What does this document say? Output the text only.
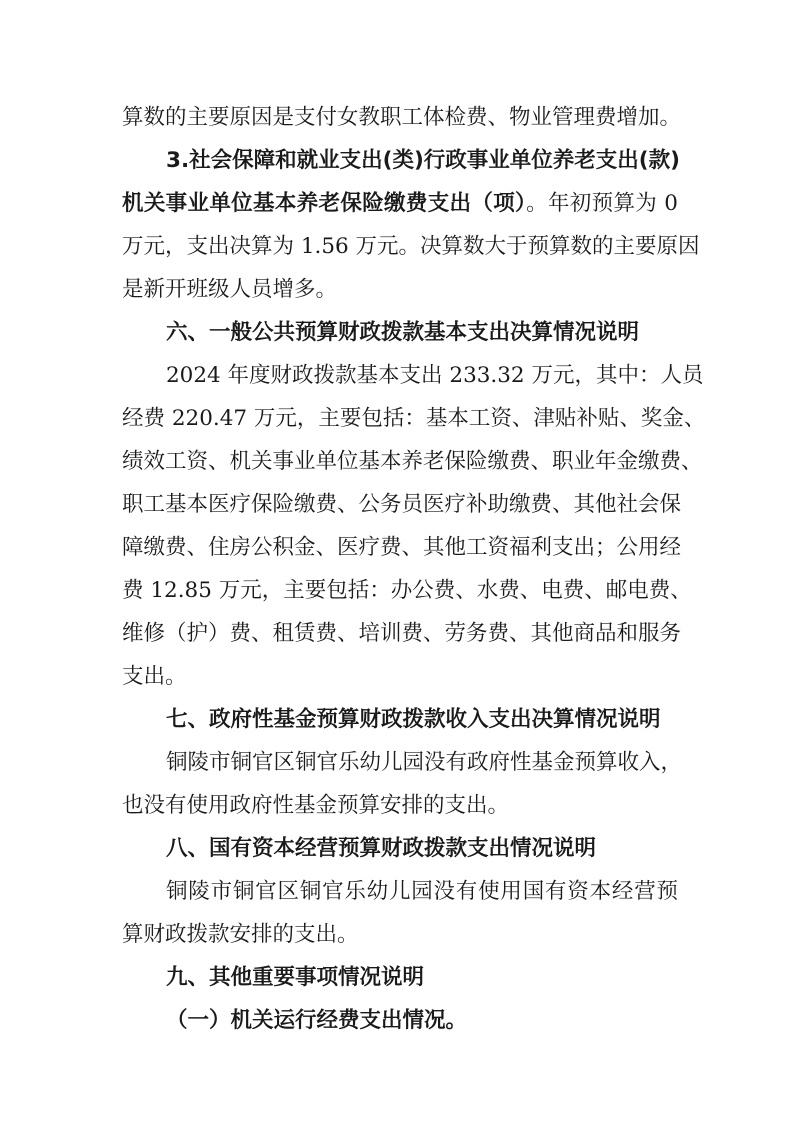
算数的主要原因是支付女教职工体检费、物业管理费增加。
3.社会保障和就业支出(类)行政事业单位养老支出(款)
机关事业单位基本养老保险缴费支出（项）。年初预算为 0
万元，支出决算为 1.56 万元。决算数大于预算数的主要原因
是新开班级人员增多。
六、一般公共预算财政拨款基本支出决算情况说明
2024 年度财政拨款基本支出 233.32 万元，其中：人员
经费 220.47 万元，主要包括：基本工资、津贴补贴、奖金、
绩效工资、机关事业单位基本养老保险缴费、职业年金缴费、
职工基本医疗保险缴费、公务员医疗补助缴费、其他社会保
障缴费、住房公积金、医疗费、其他工资福利支出；公用经
费 12.85 万元，主要包括：办公费、水费、电费、邮电费、
维修（护）费、租赁费、培训费、劳务费、其他商品和服务
支出。
七、政府性基金预算财政拨款收入支出决算情况说明
铜陵市铜官区铜官乐幼儿园没有政府性基金预算收入，
也没有使用政府性基金预算安排的支出。
八、国有资本经营预算财政拨款支出情况说明
铜陵市铜官区铜官乐幼儿园没有使用国有资本经营预
算财政拨款安排的支出。
九、其他重要事项情况说明
（一）机关运行经费支出情况。
